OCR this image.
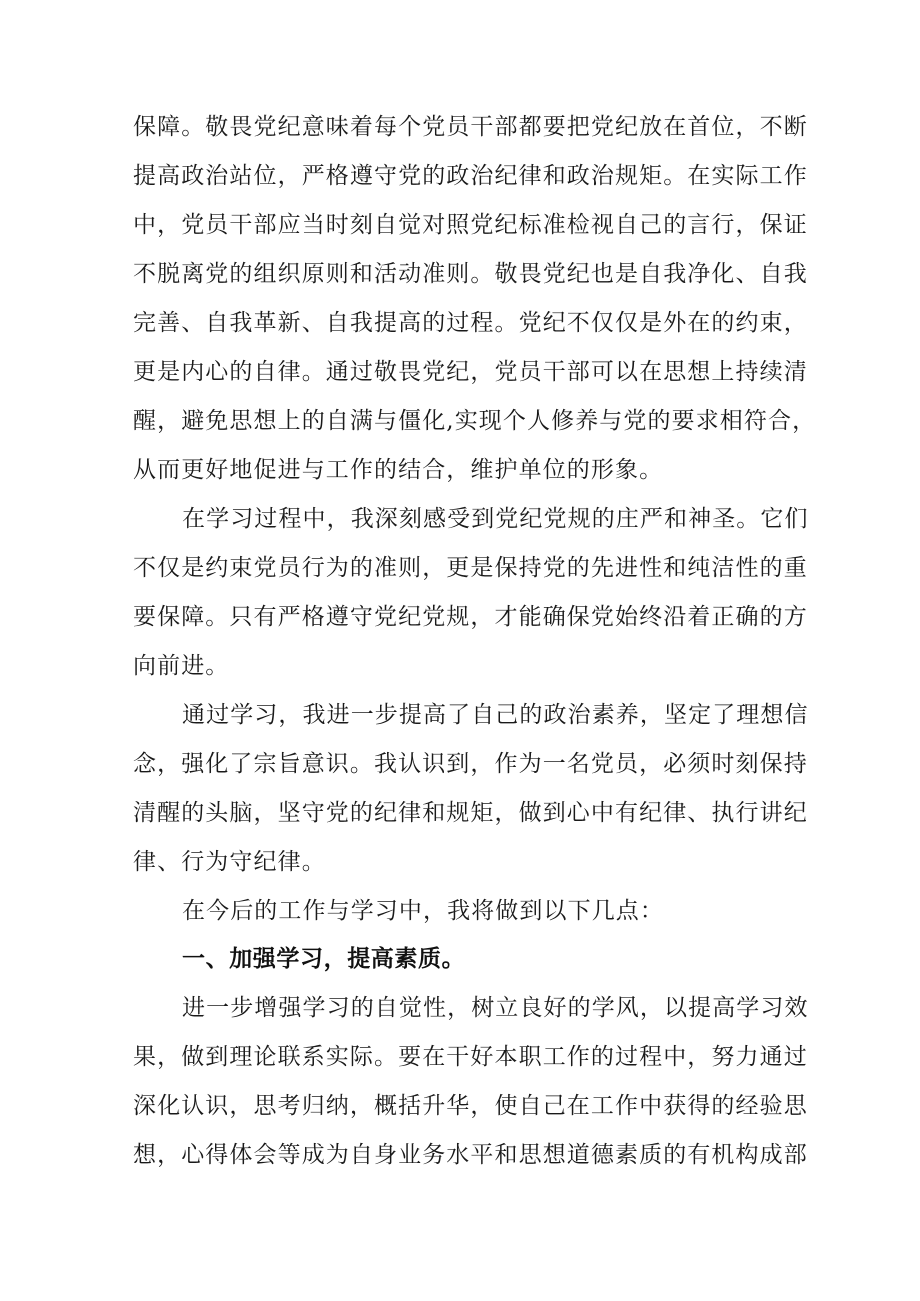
保障。敬畏党纪意味着每个党员干部都要把党纪放在首位，不断
提高政治站位，严格遵守党的政治纪律和政治规矩。在实际工作
中，党员干部应当时刻自觉对照党纪标准检视自己的言行，保证
不脱离党的组织原则和活动准则。敬畏党纪也是自我净化、自我
完善、自我革新、自我提高的过程。党纪不仅仅是外在的约束，
更是内心的自律。通过敬畏党纪，党员干部可以在思想上持续清
醒，避免思想上的自满与僵化,实现个人修养与党的要求相符合，
从而更好地促进与工作的结合，维护单位的形象。
在学习过程中，我深刻感受到党纪党规的庄严和神圣。它们
不仅是约束党员行为的准则，更是保持党的先进性和纯洁性的重
要保障。只有严格遵守党纪党规，才能确保党始终沿着正确的方
向前进。
通过学习，我进一步提高了自己的政治素养，坚定了理想信
念，强化了宗旨意识。我认识到，作为一名党员，必须时刻保持
清醒的头脑，坚守党的纪律和规矩，做到心中有纪律、执行讲纪
律、行为守纪律。
在今后的工作与学习中，我将做到以下几点：
一、加强学习，提高素质。
进一步增强学习的自觉性，树立良好的学风，以提高学习效
果，做到理论联系实际。要在干好本职工作的过程中，努力通过
深化认识，思考归纳，概括升华，使自己在工作中获得的经验思
想，心得体会等成为自身业务水平和思想道德素质的有机构成部
